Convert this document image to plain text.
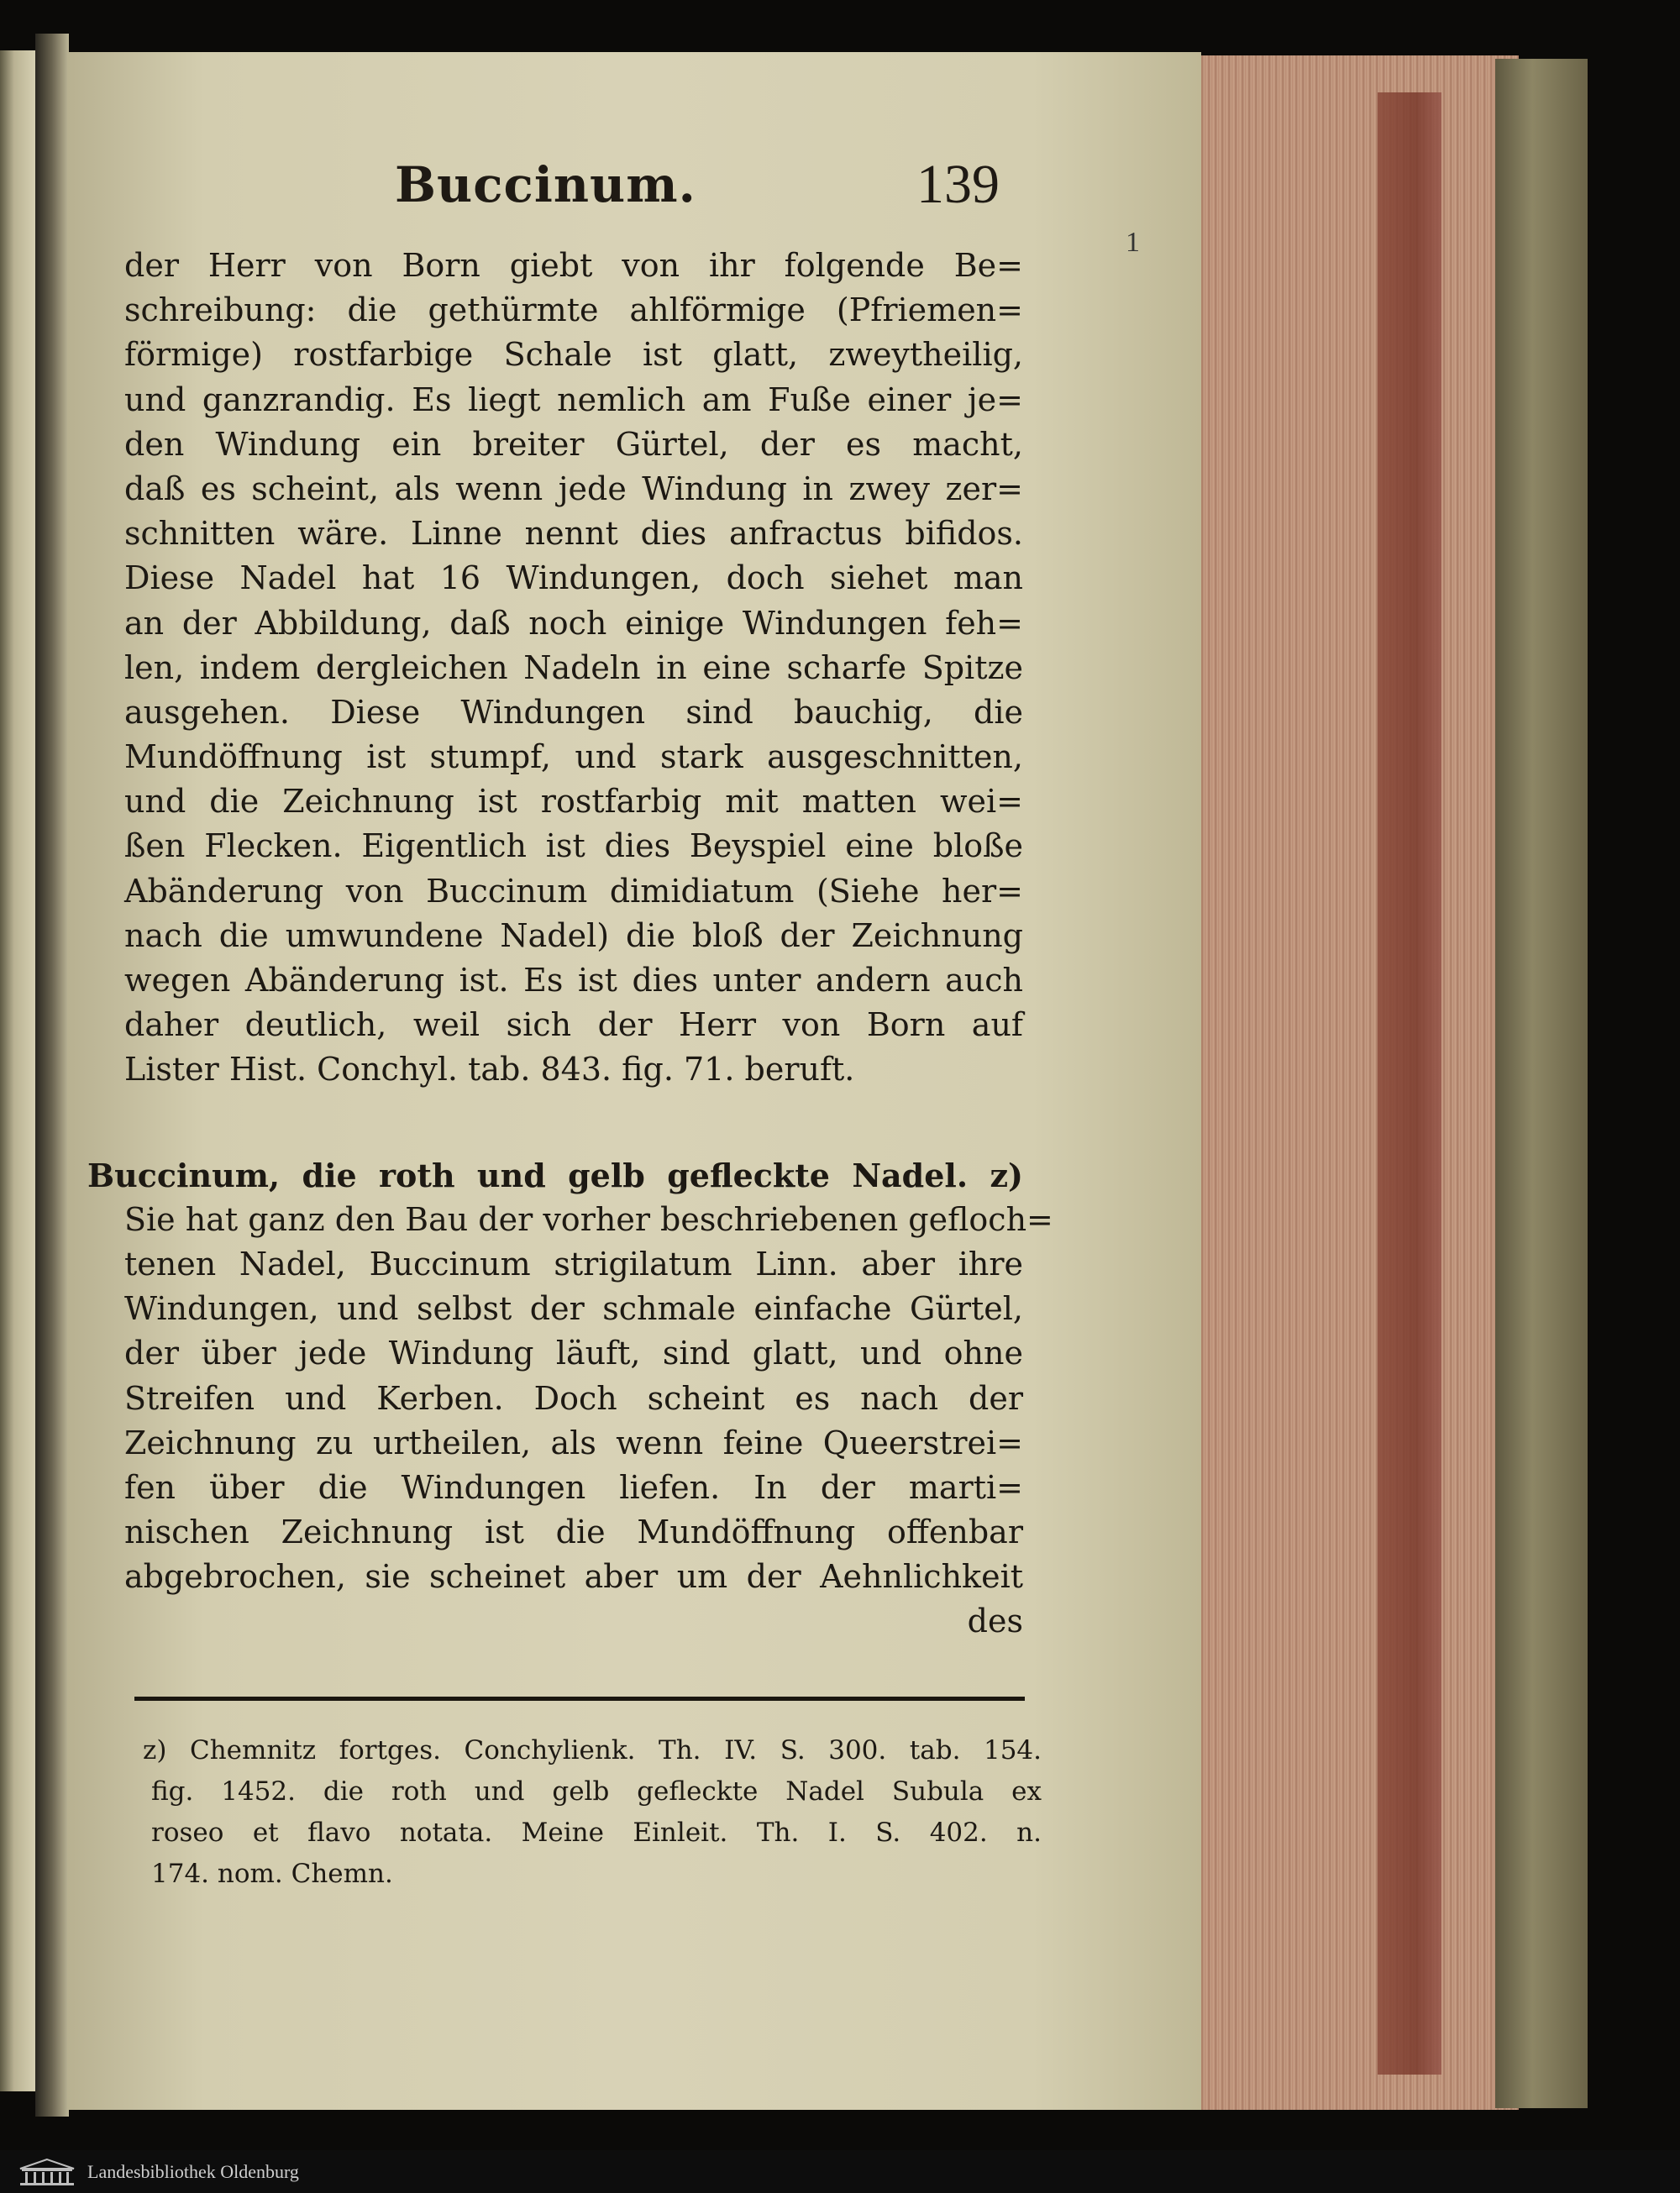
Buccinum.	139
1
der Herr von Born giebt von ihr folgende Be=
schreibung: die gethürmte ahlförmige (Pfriemen=
förmige) rostfarbige Schale ist glatt, zweytheilig,
und ganzrandig. Es liegt nemlich am Fuße einer je=
den Windung ein breiter Gürtel, der es macht,
daß es scheint, als wenn jede Windung in zwey zer=
schnitten wäre. Linne nennt dies anfractus bifidos.
Diese Nadel hat 16 Windungen, doch siehet man
an der Abbildung, daß noch einige Windungen feh=
len, indem dergleichen Nadeln in eine scharfe Spitze
ausgehen. Diese Windungen sind bauchig, die
Mundöffnung ist stumpf, und stark ausgeschnitten,
und die Zeichnung ist rostfarbig mit matten wei=
ßen Flecken. Eigentlich ist dies Beyspiel eine bloße
Abänderung von Buccinum dimidiatum (Siehe her=
nach die umwundene Nadel) die bloß der Zeichnung
wegen Abänderung ist. Es ist dies unter andern auch
daher deutlich, weil sich der Herr von Born auf
Lister Hist. Conchyl. tab. 843. fig. 71. beruft.
Buccinum, die roth und gelb gefleckte Nadel. z)
Sie hat ganz den Bau der vorher beschriebenen gefloch=
tenen Nadel, Buccinum strigilatum Linn. aber ihre
Windungen, und selbst der schmale einfache Gürtel,
der über jede Windung läuft, sind glatt, und ohne
Streifen und Kerben. Doch scheint es nach der
Zeichnung zu urtheilen, als wenn feine Queerstrei=
fen über die Windungen liefen. In der marti=
nischen Zeichnung ist die Mundöffnung offenbar
abgebrochen, sie scheinet aber um der Aehnlichkeit
des
z) Chemnitz fortges. Conchylienk. Th. IV. S. 300. tab. 154.
fig. 1452. die roth und gelb gefleckte Nadel Subula ex
roseo et flavo notata. Meine Einleit. Th. I. S. 402. n.
174. nom. Chemn.
Landesbibliothek Oldenburg
